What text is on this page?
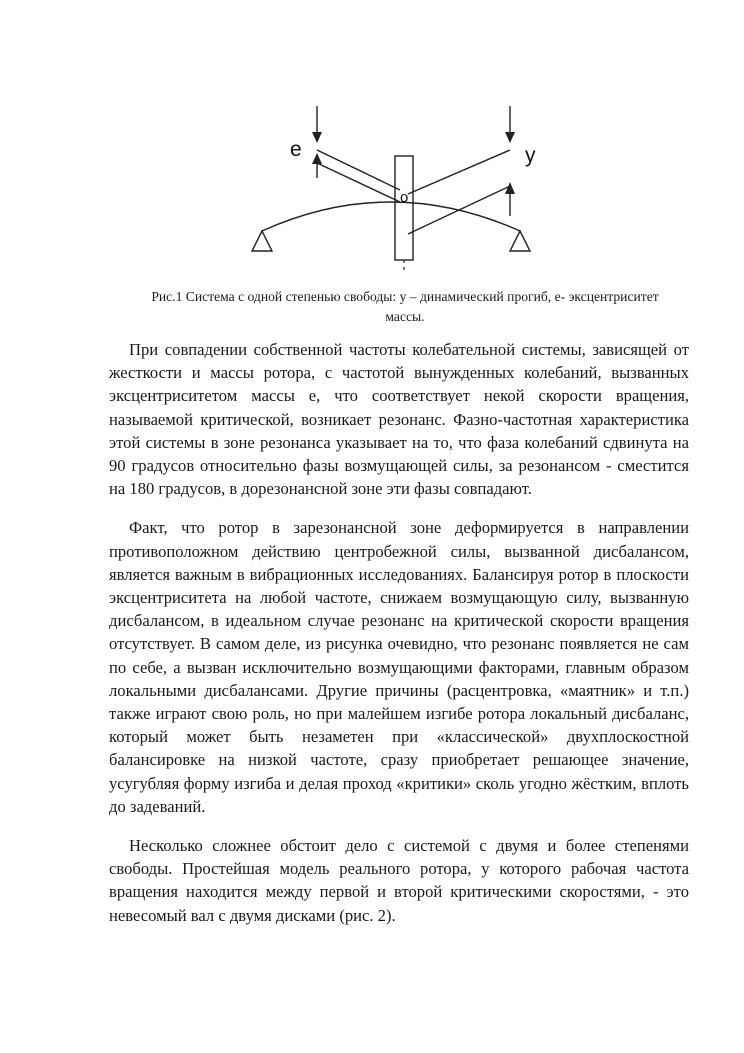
e	y
o
Рис.1 Система с одной степенью свободы: y – динамический прогиб, е- эксцентриситет
массы.

При совпадении собственной частоты колебательной системы, зависящей от жесткости и массы ротора, с частотой вынужденных колебаний, вызванных эксцентриситетом массы е, что соответствует некой скорости вращения, называемой критической, возникает резонанс. Фазно-частотная характеристика этой системы в зоне резонанса указывает на то, что фаза колебаний сдвинута на 90 градусов относительно фазы возмущающей силы, за резонансом - сместится на 180 градусов, в дорезонансной зоне эти фазы совпадают.

Факт, что ротор в зарезонансной зоне деформируется в направлении противоположном действию центробежной силы, вызванной дисбалансом, является важным в вибрационных исследованиях. Балансируя ротор в плоскости эксцентриситета на любой частоте, снижаем возмущающую силу, вызванную дисбалансом, в идеальном случае резонанс на критической скорости вращения отсутствует. В самом деле, из рисунка очевидно, что резонанс появляется не сам по себе, а вызван исключительно возмущающими факторами, главным образом локальными дисбалансами. Другие причины (расцентровка, «маятник» и т.п.) также играют свою роль, но при малейшем изгибе ротора локальный дисбаланс, который может быть незаметен при «классической» двухплоскостной балансировке на низкой частоте, сразу приобретает решающее значение, усугубляя форму изгиба и делая проход «критики» сколь угодно жёстким, вплоть до задеваний.

Несколько сложнее обстоит дело с системой с двумя и более степенями свободы. Простейшая модель реального ротора, у которого рабочая частота вращения находится между первой и второй критическими скоростями, - это невесомый вал с двумя дисками (рис. 2).
